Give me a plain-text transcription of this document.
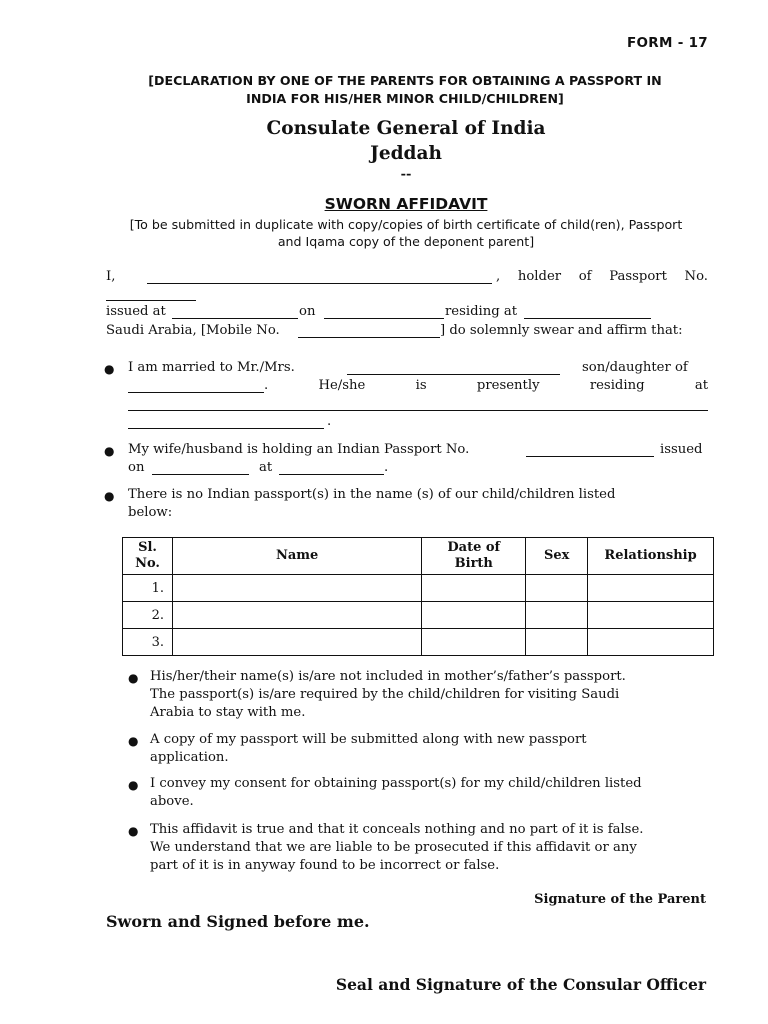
FORM - 17
[DECLARATION BY ONE OF THE PARENTS FOR OBTAINING A PASSPORT IN
INDIA FOR HIS/HER MINOR CHILD/CHILDREN]
Consulate General of India
Jeddah
--
SWORN AFFIDAVIT
[To be submitted in duplicate with copy/copies of birth certificate of child(ren), Passport
and Iqama copy of the deponent parent]
I,	, holder of Passport No.
issued at	on	residing at
Saudi Arabia, [Mobile No.	] do solemnly swear and affirm that:
● I am married to Mr./Mrs.	son/daughter of
. He/she is presently residing at
.
● My wife/husband is holding an Indian Passport No.	issued
on	at	.
● There is no Indian passport(s) in the name (s) of our child/children listed
below:
Sl. No.	Name	Date of Birth	Sex	Relationship
1.				
2.				
3.				
● His/her/their name(s) is/are not included in mother’s/father’s passport.
The passport(s) is/are required by the child/children for visiting Saudi
Arabia to stay with me.
● A copy of my passport will be submitted along with new passport
application.
● I convey my consent for obtaining passport(s) for my child/children listed
above.
● This affidavit is true and that it conceals nothing and no part of it is false.
We understand that we are liable to be prosecuted if this affidavit or any
part of it is in anyway found to be incorrect or false.
Signature of the Parent
Sworn and Signed before me.
Seal and Signature of the Consular Officer
